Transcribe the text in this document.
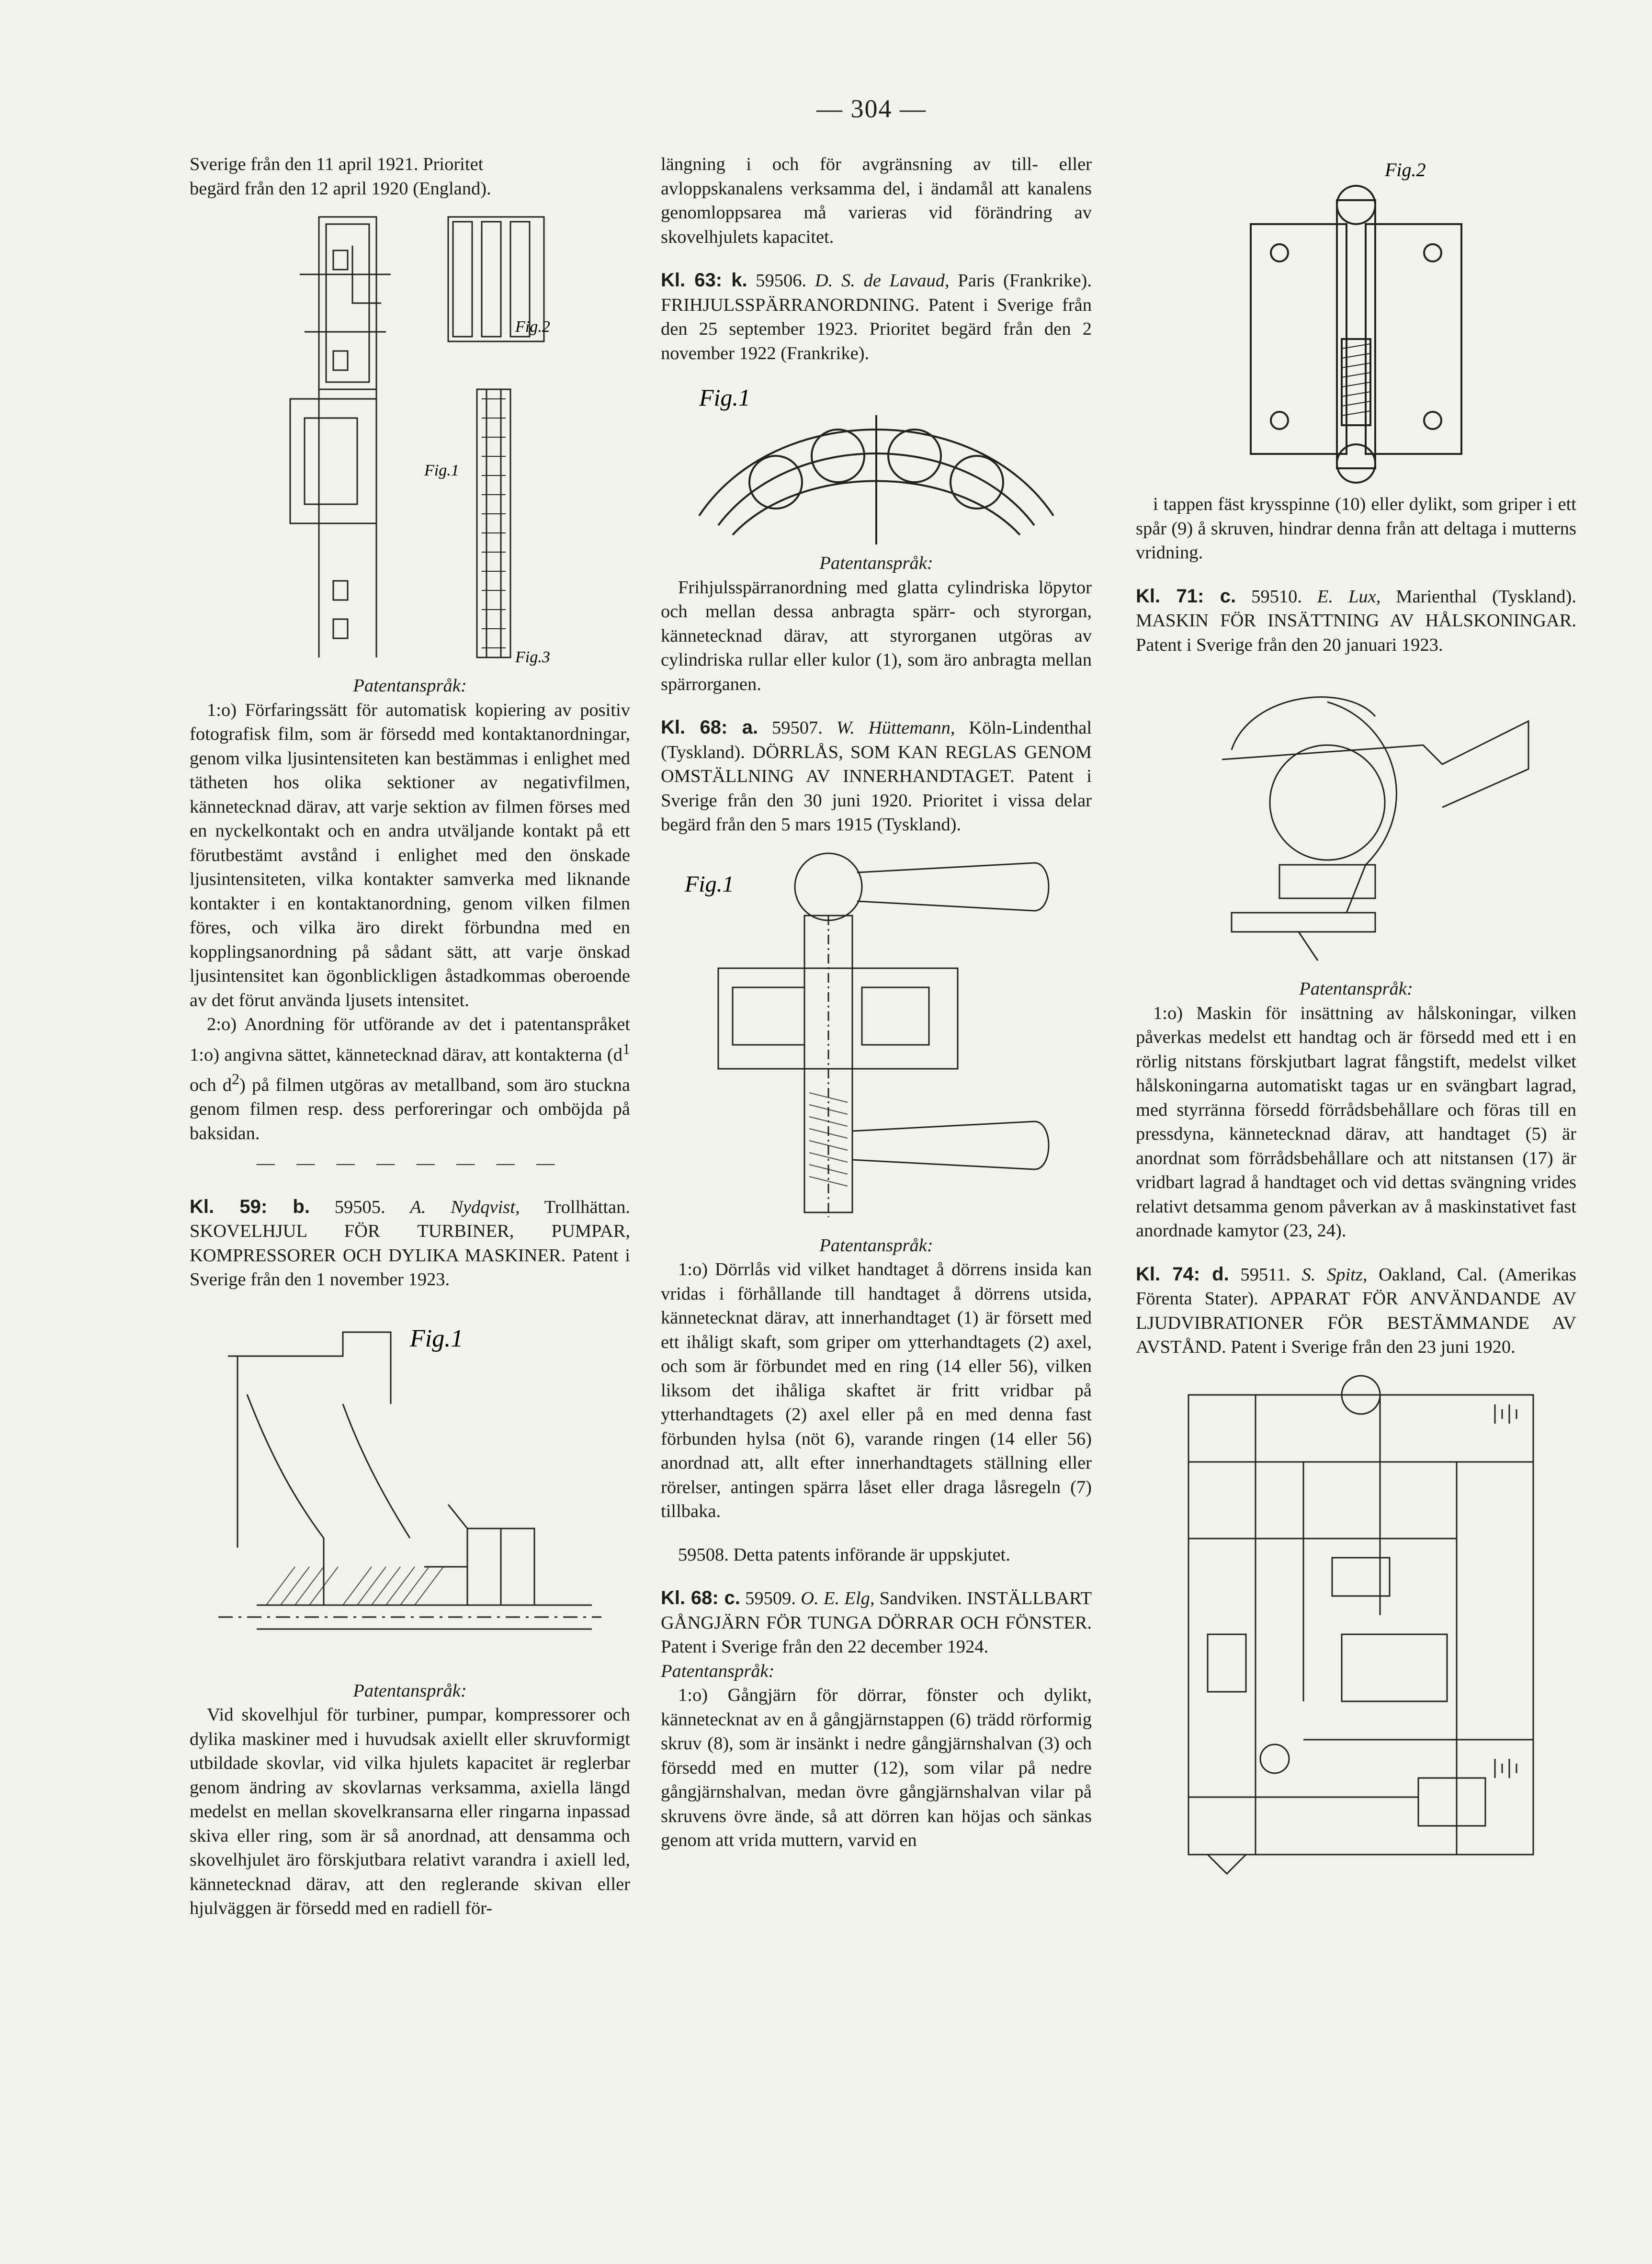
— 304 —

Sverige från den 11 april 1921. Prioritet

begärd från den 12 april 1920 (England).

Fig.2
Fig.1
Fig.3

Patentanspråk:

1:o) Förfaringssätt för automatisk kopiering av positiv fotografisk film, som är försedd med kontaktanordningar, genom vilka ljusintensiteten kan bestämmas i enlighet med tätheten hos olika sektioner av negativfilmen, kännetecknad därav, att varje sektion av filmen förses med en nyckelkontakt och en andra utväljande kontakt på ett förutbestämt avstånd i enlighet med den önskade ljusintensiteten, vilka kontakter samverka med liknande kontakter i en kontaktanordning, genom vilken filmen föres, och vilka äro direkt förbundna med en kopplingsanordning på sådant sätt, att varje önskad ljusintensitet kan ögonblickligen åstadkommas oberoende av det förut använda ljusets intensitet.

2:o) Anordning för utförande av det i patentanspråket 1:o) angivna sättet, kännetecknad därav, att kontakterna ($d^1$ och $d^2$) på filmen utgöras av metallband, som äro stuckna genom filmen resp. dess perforeringar och omböjda på baksidan.

— — — — — — — —

Kl. 59: b. 59505. A. Nydqvist, Trollhättan. SKOVELHJUL FÖR TURBINER, PUMPAR, KOMPRESSORER OCH DYLIKA MASKINER. Patent i Sverige från den 1 november 1923.

Fig.1

Patentanspråk:

Vid skovelhjul för turbiner, pumpar, kompressorer och dylika maskiner med i huvudsak axiellt eller skruvformigt utbildade skovlar, vid vilka hjulets kapacitet är reglerbar genom ändring av skovlarnas verksamma, axiella längd medelst en mellan skovelkransarna eller ringarna inpassad skiva eller ring, som är så anordnad, att densamma och skovelhjulet äro förskjutbara relativt varandra i axiell led, kännetecknad därav, att den reglerande skivan eller hjulväggen är försedd med en radiell för-

längning i och för avgränsning av till- eller avloppskanalens verksamma del, i ändamål att kanalens genomloppsarea må varieras vid förändring av skovelhjulets kapacitet.

Kl. 63: k. 59506. D. S. de Lavaud, Paris (Frankrike). FRIHJULSSPÄRRANORDNING. Patent i Sverige från den 25 september 1923. Prioritet begärd från den 2 november 1922 (Frankrike).

Fig.1

Patentanspråk:

Frihjulsspärranordning med glatta cylindriska löpytor och mellan dessa anbragta spärr- och styrorgan, kännetecknad därav, att styrorganen utgöras av cylindriska rullar eller kulor (1), som äro anbragta mellan spärrorganen.

Kl. 68: a. 59507. W. Hüttemann, Köln-Lindenthal (Tyskland). DÖRRLÅS, SOM KAN REGLAS GENOM OMSTÄLLNING AV INNERHANDTAGET. Patent i Sverige från den 30 juni 1920. Prioritet i vissa delar begärd från den 5 mars 1915 (Tyskland).

Fig.1

Patentanspråk:

1:o) Dörrlås vid vilket handtaget å dörrens insida kan vridas i förhållande till handtaget å dörrens utsida, kännetecknat därav, att innerhandtaget (1) är försett med ett ihåligt skaft, som griper om ytterhandtagets (2) axel, och som är förbundet med en ring (14 eller 56), vilken liksom det ihåliga skaftet är fritt vridbar på ytterhandtagets (2) axel eller på en med denna fast förbunden hylsa (nöt 6), varande ringen (14 eller 56) anordnad att, allt efter innerhandtagets ställning eller rörelser, antingen spärra låset eller draga låsregeln (7) tillbaka.

59508. Detta patents införande är uppskjutet.

Kl. 68: c. 59509. O. E. Elg, Sandviken. INSTÄLLBART GÅNGJÄRN FÖR TUNGA DÖRRAR OCH FÖNSTER. Patent i Sverige från den 22 december 1924.

Patentanspråk:

1:o) Gångjärn för dörrar, fönster och dylikt, kännetecknat av en å gångjärnstappen (6) trädd rörformig skruv (8), som är insänkt i nedre gångjärnshalvan (3) och försedd med en mutter (12), som vilar på nedre gångjärnshalvan, medan övre gångjärnshalvan vilar på skruvens övre ände, så att dörren kan höjas och sänkas genom att vrida muttern, varvid en

Fig.2

i tappen fäst krysspinne (10) eller dylikt, som griper i ett spår (9) å skruven, hindrar denna från att deltaga i mutterns vridning.

Kl. 71: c. 59510. E. Lux, Marienthal (Tyskland). MASKIN FÖR INSÄTTNING AV HÅLSKONINGAR. Patent i Sverige från den 20 januari 1923.

Patentanspråk:

1:o) Maskin för insättning av hålskoningar, vilken påverkas medelst ett handtag och är försedd med ett i en rörlig nitstans förskjutbart lagrat fångstift, medelst vilket hålskoningarna automatiskt tagas ur en svängbart lagrad, med styrränna försedd förrådsbehållare och föras till en pressdyna, kännetecknad därav, att handtaget (5) är anordnat som förrådsbehållare och att nitstansen (17) är vridbart lagrad å handtaget och vid dettas svängning vrides relativt detsamma genom påverkan av å maskinstativet fast anordnade kamytor (23, 24).

Kl. 74: d. 59511. S. Spitz, Oakland, Cal. (Amerikas Förenta Stater). APPARAT FÖR ANVÄNDANDE AV LJUDVIBRATIONER FÖR BESTÄMMANDE AV AVSTÅND. Patent i Sverige från den 23 juni 1920.
